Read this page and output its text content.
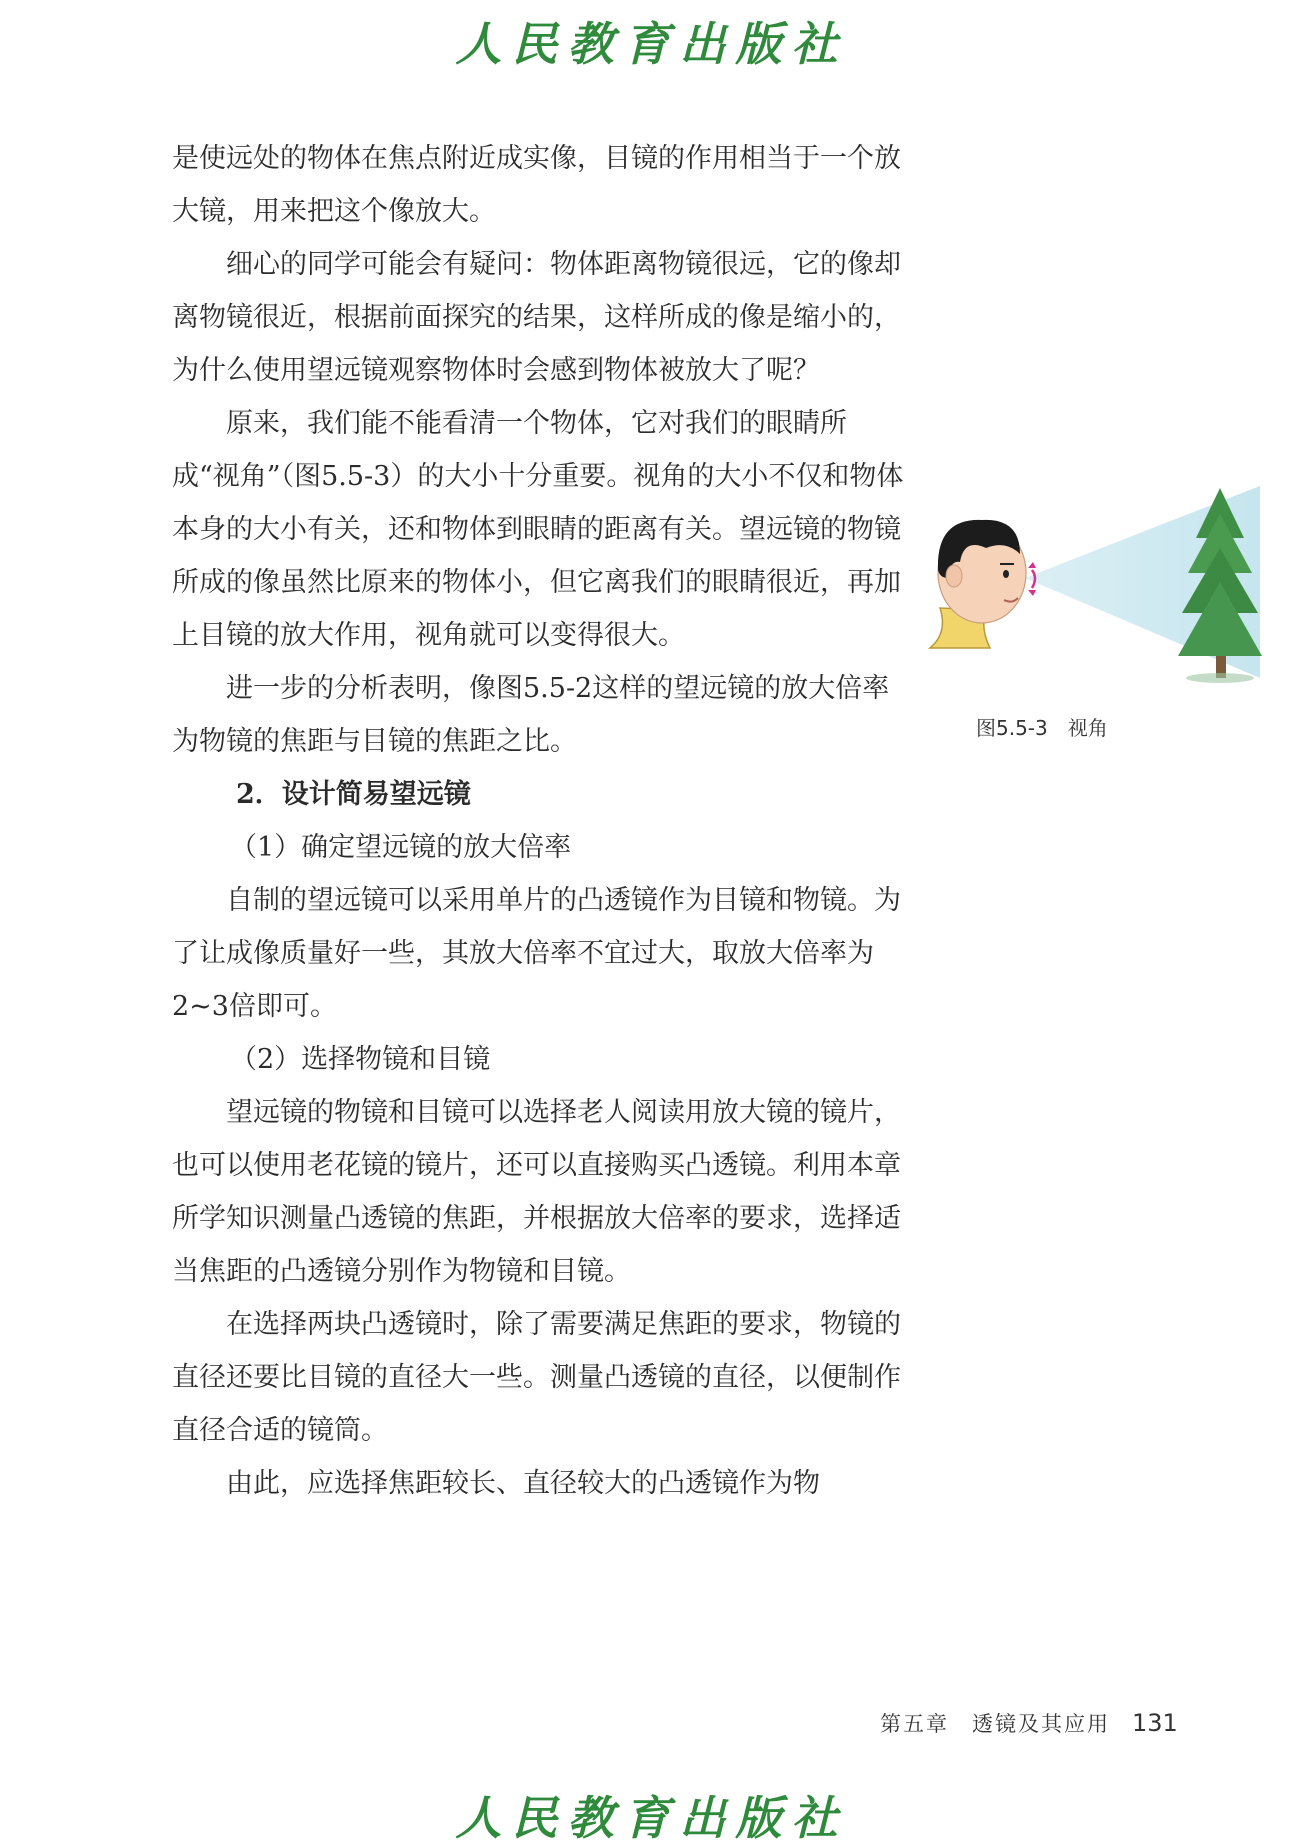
人民教育出版社

是使远处的物体在焦点附近成实像，目镜的作用相当于一个放大镜，用来把这个像放大。

细心的同学可能会有疑问：物体距离物镜很远，它的像却离物镜很近，根据前面探究的结果，这样所成的像是缩小的，为什么使用望远镜观察物体时会感到物体被放大了呢？

原来，我们能不能看清一个物体，它对我们的眼睛所成“视角”（图5.5-3）的大小十分重要。视角的大小不仅和物体本身的大小有关，还和物体到眼睛的距离有关。望远镜的物镜所成的像虽然比原来的物体小，但它离我们的眼睛很近，再加上目镜的放大作用，视角就可以变得很大。

进一步的分析表明，像图5.5-2这样的望远镜的放大倍率为物镜的焦距与目镜的焦距之比。

2．设计简易望远镜
（1）确定望远镜的放大倍率

自制的望远镜可以采用单片的凸透镜作为目镜和物镜。为了让成像质量好一些，其放大倍率不宜过大，取放大倍率为2~3倍即可。

（2）选择物镜和目镜

望远镜的物镜和目镜可以选择老人阅读用放大镜的镜片，也可以使用老花镜的镜片，还可以直接购买凸透镜。利用本章所学知识测量凸透镜的焦距，并根据放大倍率的要求，选择适当焦距的凸透镜分别作为物镜和目镜。

在选择两块凸透镜时，除了需要满足焦距的要求，物镜的直径还要比目镜的直径大一些。测量凸透镜的直径，以便制作直径合适的镜筒。

由此，应选择焦距较长、直径较大的凸透镜作为物

图5.5-3　视角
第五章　透镜及其应用 131
人民教育出版社
